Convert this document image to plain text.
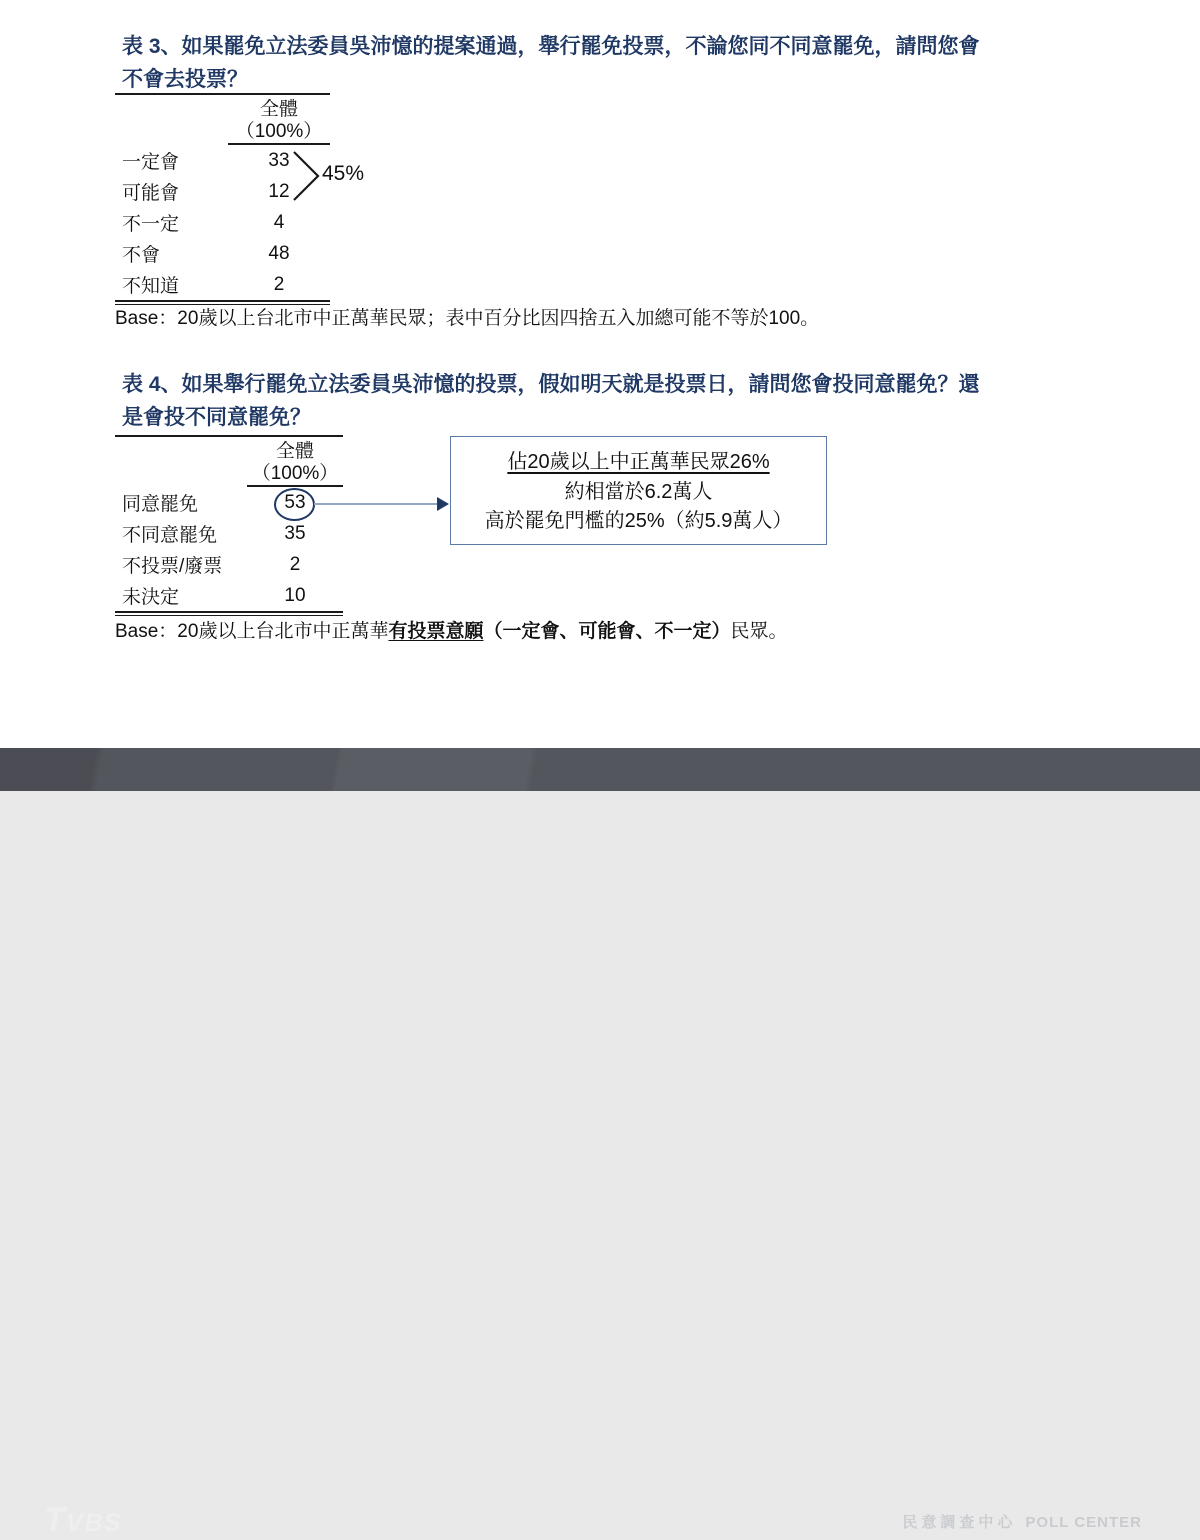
表 3、如果罷免立法委員吳沛憶的提案通過，舉行罷免投票，不論您同不同意罷免，請問您會
不會去投票？
全體
（100%）
一定會	33
可能會	12
不一定	4
不會	48
不知道	2
45%
Base：20歲以上台北市中正萬華民眾；表中百分比因四捨五入加總可能不等於100。
表 4、如果舉行罷免立法委員吳沛憶的投票，假如明天就是投票日，請問您會投同意罷免？還
是會投不同意罷免？
全體
（100%）
同意罷免	53
不同意罷免	35
不投票/廢票	2
未決定	10
佔20歲以上中正萬華民眾26%
約相當於6.2萬人
高於罷免門檻的25%（約5.9萬人）
Base：20歲以上台北市中正萬華有投票意願（一定會、可能會、不一定）民眾。
TVBS	民意調查中心 POLL CENTER
